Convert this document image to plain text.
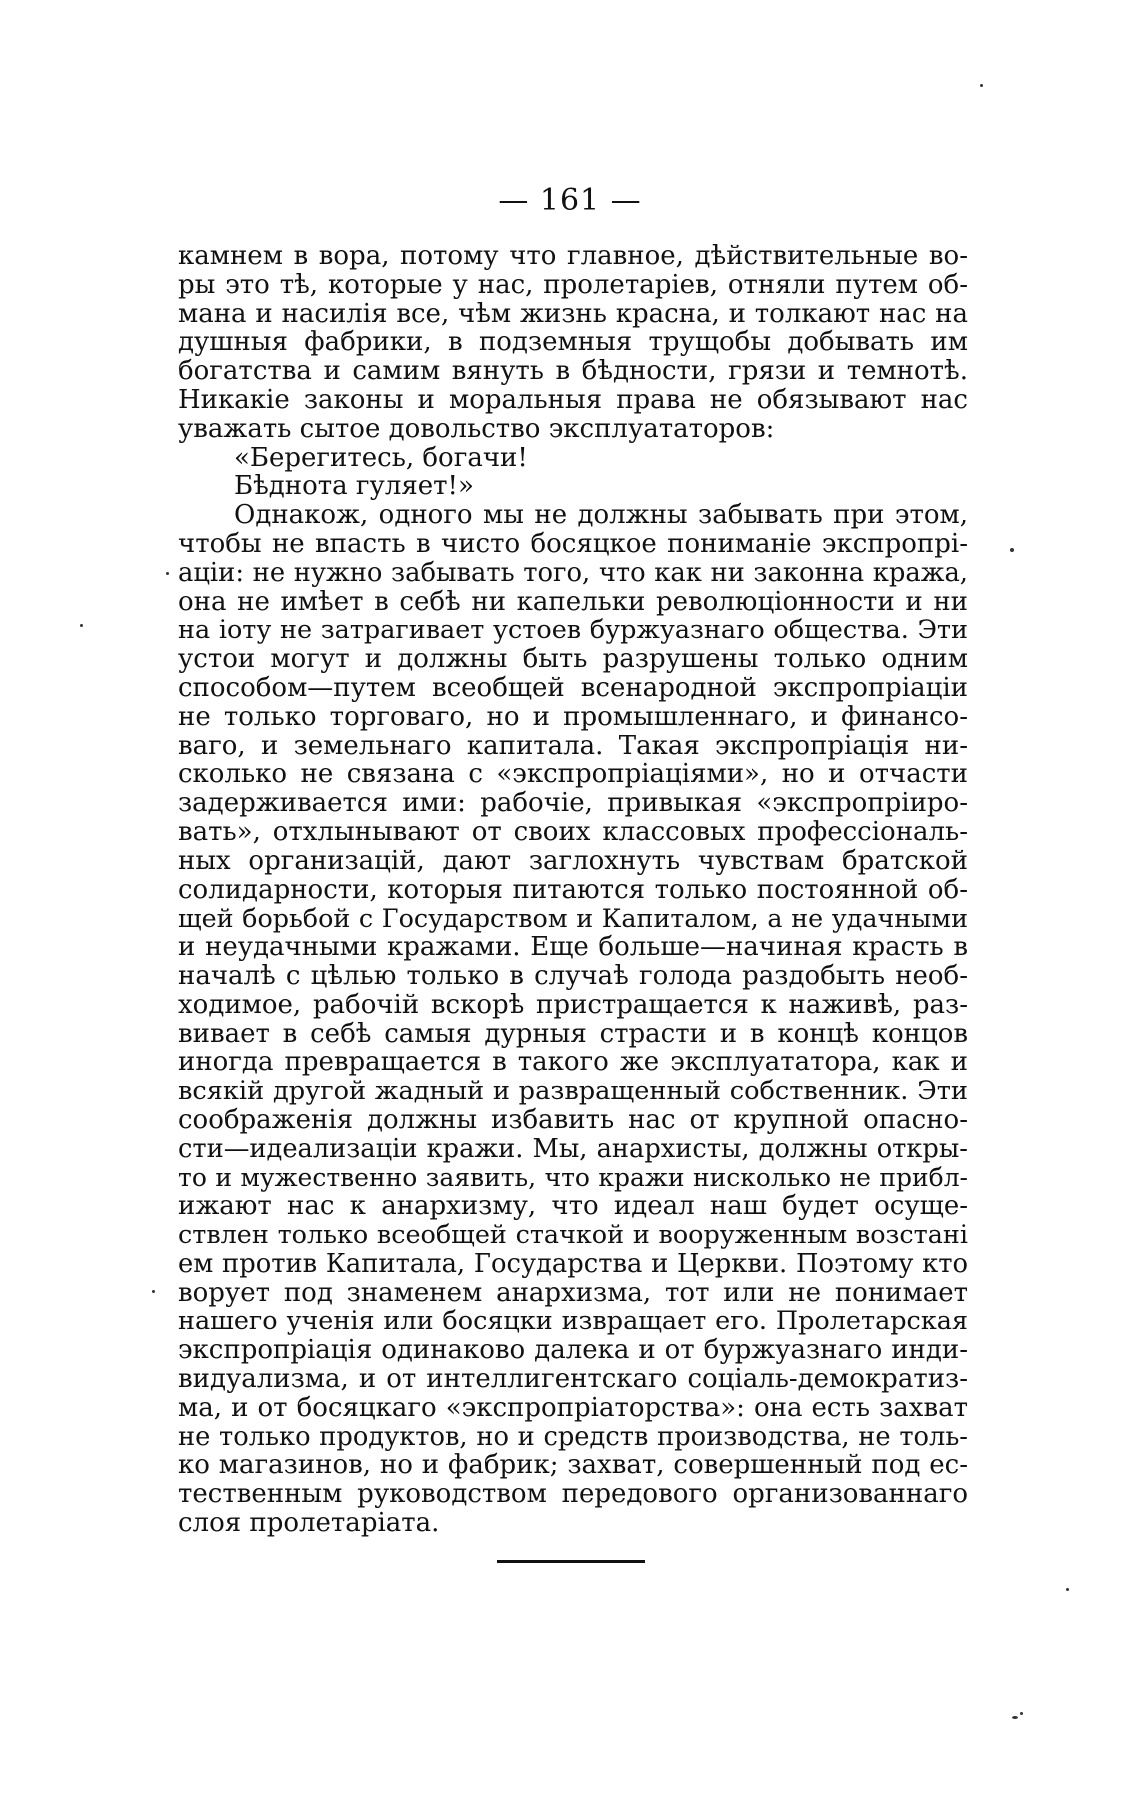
— 161 —
камнем в вора, потому что главное, дѣйствительные во-
ры это тѣ, которые у нас, пролетаріев, отняли путем об-
мана и насилія все, чѣм жизнь красна, и толкают нас на
душныя фабрики, в подземныя трущобы добывать им
богатства и самим вянуть в бѣдности, грязи и темнотѣ.
Никакіе законы и моральныя права не обязывают нас
уважать сытое довольство эксплуататоров:
«Берегитесь, богачи!
Бѣднота гуляет!»
Однакож, одного мы не должны забывать при этом,
чтобы не впасть в чисто босяцкое пониманіе экспропрі-
аціи: не нужно забывать того, что как ни законна кража,
она не имѣет в себѣ ни капельки революціонности и ни
на іоту не затрагивает устоев буржуазнаго общества. Эти
устои могут и должны быть разрушены только одним
способом—путем всеобщей всенародной экспропріаціи
не только торговаго, но и промышленнаго, и финансо-
ваго, и земельнаго капитала. Такая экспропріація ни-
сколько не связана с «экспропріаціями», но и отчасти
задерживается ими: рабочіе, привыкая «экспропріиро-
вать», отхлынывают от своих классовых профессіональ-
ных организацій, дают заглохнуть чувствам братской
солидарности, которыя питаются только постоянной об-
щей борьбой с Государством и Капиталом, а не удачными
и неудачными кражами. Еще больше—начиная красть в
началѣ с цѣлью только в случаѣ голода раздобыть необ-
ходимое, рабочій вскорѣ пристращается к наживѣ, раз-
вивает в себѣ самыя дурныя страсти и в концѣ концов
иногда превращается в такого же эксплуататора, как и
всякій другой жадный и развращенный собственник. Эти
соображенія должны избавить нас от крупной опасно-
сти—идеализаціи кражи. Мы, анархисты, должны откры-
то и мужественно заявить, что кражи нисколько не прибл-
ижают нас к анархизму, что идеал наш будет осуще-
ствлен только всеобщей стачкой и вооруженным возстані
ем против Капитала, Государства и Церкви. Поэтому кто
ворует под знаменем анархизма, тот или не понимает
нашего ученія или босяцки извращает его. Пролетарская
экспропріація одинаково далека и от буржуазнаго инди-
видуализма, и от интеллигентскаго соціаль-демократиз-
ма, и от босяцкаго «экспропріаторства»: она есть захват
не только продуктов, но и средств производства, не толь-
ко магазинов, но и фабрик; захват, совершенный под ес-
тественным руководством передового организованнаго
слоя пролетаріата.
